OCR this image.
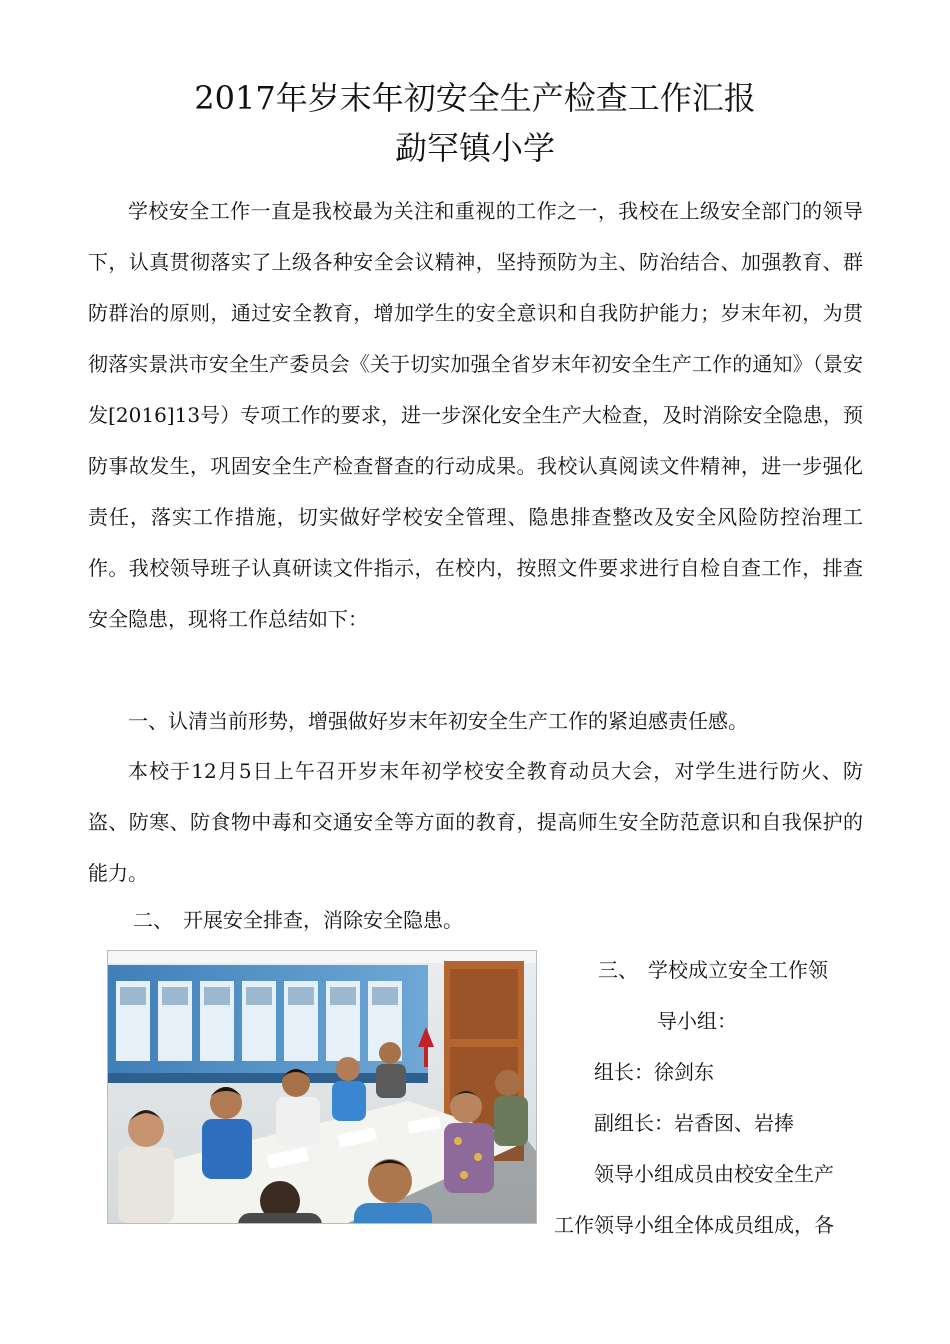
2017年岁末年初安全生产检查工作汇报
勐罕镇小学

学校安全工作一直是我校最为关注和重视的工作之一，我校在上级安全部门的领导下，认真贯彻落实了上级各种安全会议精神，坚持预防为主、防治结合、加强教育、群防群治的原则，通过安全教育，增加学生的安全意识和自我防护能力；岁末年初，为贯彻落实景洪市安全生产委员会《关于切实加强全省岁末年初安全生产工作的通知》（景安发[2016]13号）专项工作的要求，进一步深化安全生产大检查，及时消除安全隐患，预防事故发生，巩固安全生产检查督查的行动成果。我校认真阅读文件精神，进一步强化责任，落实工作措施，切实做好学校安全管理、隐患排查整改及安全风险防控治理工作。我校领导班子认真研读文件指示，在校内，按照文件要求进行自检自查工作，排查安全隐患，现将工作总结如下：

一、认清当前形势，增强做好岁末年初安全生产工作的紧迫感责任感。

本校于12月5日上午召开岁末年初学校安全教育动员大会，对学生进行防火、防盗、防寒、防食物中毒和交通安全等方面的教育，提高师生安全防范意识和自我保护的能力。

二、　开展安全排查，消除安全隐患。

三、　学校成立安全工作领

导小组：

组长：徐剑东

副组长：岩香囡、岩捧

领导小组成员由校安全生产

工作领导小组全体成员组成，各
